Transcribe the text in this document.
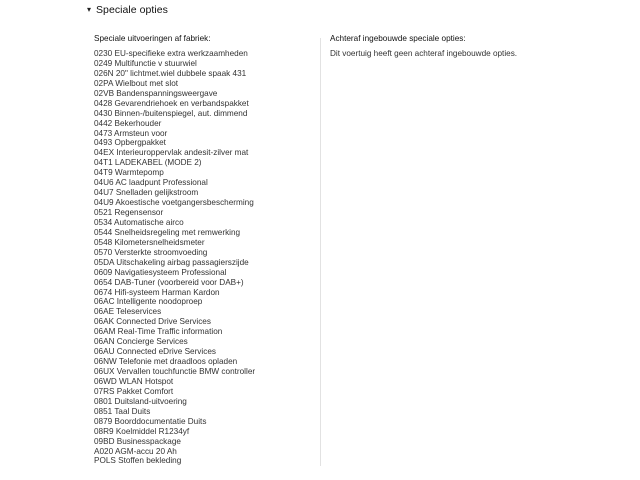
▾ Speciale opties
Speciale uitvoeringen af fabriek:
0230 EU-specifieke extra werkzaamheden
0249 Multifunctie v stuurwiel
026N 20" lichtmet.wiel dubbele spaak 431
02PA Wielbout met slot
02VB Bandenspanningsweergave
0428 Gevarendriehoek en verbandspakket
0430 Binnen-/buitenspiegel, aut. dimmend
0442 Bekerhouder
0473 Armsteun voor
0493 Opbergpakket
04EX Interieuroppervlak andesit-zilver mat
04T1 LADEKABEL (MODE 2)
04T9 Warmtepomp
04U6 AC laadpunt Professional
04U7 Snelladen gelijkstroom
04U9 Akoestische voetgangersbescherming
0521 Regensensor
0534 Automatische airco
0544 Snelheidsregeling met remwerking
0548 Kilometersnelheidsmeter
0570 Versterkte stroomvoeding
05DA Uitschakeling airbag passagierszijde
0609 Navigatiesysteem Professional
0654 DAB-Tuner (voorbereid voor DAB+)
0674 Hifi-systeem Harman Kardon
06AC Intelligente noodoproep
06AE Teleservices
06AK Connected Drive Services
06AM Real-Time Traffic information
06AN Concierge Services
06AU Connected eDrive Services
06NW Telefonie met draadloos opladen
06UX Vervallen touchfunctie BMW controller
06WD WLAN Hotspot
07RS Pakket Comfort
0801 Duitsland-uitvoering
0851 Taal Duits
0879 Boorddocumentatie Duits
08R9 Koelmiddel R1234yf
09BD Businesspackage
A020 AGM-accu 20 Ah
POLS Stoffen bekleding
Achteraf ingebouwde speciale opties:
Dit voertuig heeft geen achteraf ingebouwde opties.
